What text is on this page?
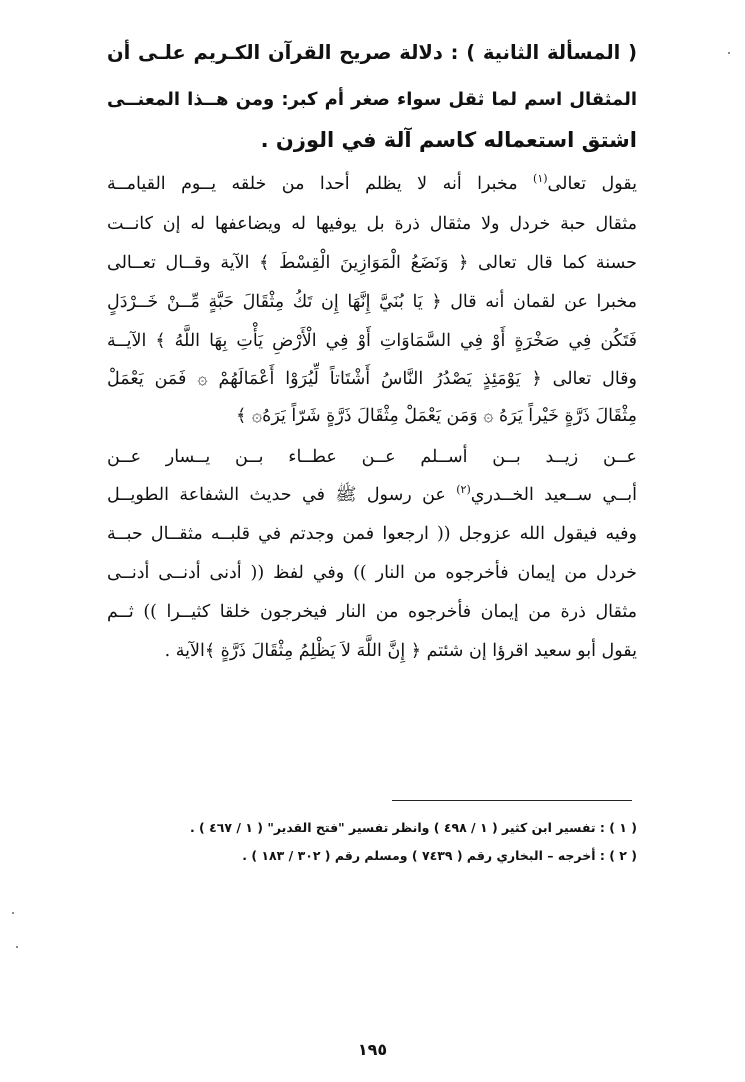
( المسألة الثانية ) : دلالة صريح القرآن الكـريم علـى أن
المثقال اسم لما ثقل سواء صغر أم كبر: ومن هــذا المعنــى
اشتق استعماله كاسم آلة في الوزن .
يقول تعالى$^{(١)}$ مخبرا أنه لا يظلم أحدا من خلقه يــوم القيامــة
مثقال حبة خردل ولا مثقال ذرة بل يوفيها له ويضاعفها له إن كانــت
حسنة كما قال تعالى ﴿ وَنَضَعُ الْمَوَازِينَ الْقِسْطَ ﴾ الآية وقــال تعــالى
مخبرا عن لقمان أنه قال ﴿ يَا بُنَيَّ إِنَّهَا إِن تَكُ مِثْقَالَ حَبَّةٍ مِّــنْ خَــرْدَلٍ
فَتَكُن فِي صَخْرَةٍ أَوْ فِي السَّمَاوَاتِ أَوْ فِي الْأَرْضِ يَأْتِ بِهَا اللَّهُ ﴾ الآيــة
وقال تعالى ﴿ يَوْمَئِذٍ يَصْدُرُ النَّاسُ أَشْتَاتاً لِّيُرَوْا أَعْمَالَهُمْ ۞ فَمَن يَعْمَلْ
مِثْقَالَ ذَرَّةٍ خَيْراً يَرَهُ ۞ وَمَن يَعْمَلْ مِثْقَالَ ذَرَّةٍ شَرّاً يَرَهُ۞ ﴾
عــن زيــد بــن أســلم عــن عطــاء بــن يــسار عــن
أبــي ســعيد الخــدري$^{(٢)}$ عن رسول ﷺ في حديث الشفاعة الطويــل
وفيه فيقول الله عزوجل (( ارجعوا فمن وجدتم في قلبــه مثقــال حبــة
خردل من إيمان فأخرجوه من النار )) وفي لفظ (( أدنى أدنــى أدنــى
مثقال ذرة من إيمان فأخرجوه من النار فيخرجون خلقا كثيــرا )) ثــم
يقول أبو سعيد اقرؤا إن شئتم ﴿ إِنَّ اللَّهَ لاَ يَظْلِمُ مِثْقَالَ ذَرَّةٍ ﴾الآية .
( ١ ) : تفسير ابن كثير ( ١ / ٤٩٨ ) وانظر تفسير "فتح القدير" ( ١ / ٤٦٧ ) .
( ٢ ) : أخرجه – البخاري رقم ( ٧٤٣٩ ) ومسلم رقم ( ٣٠٢ / ١٨٣ ) .
١٩٥
